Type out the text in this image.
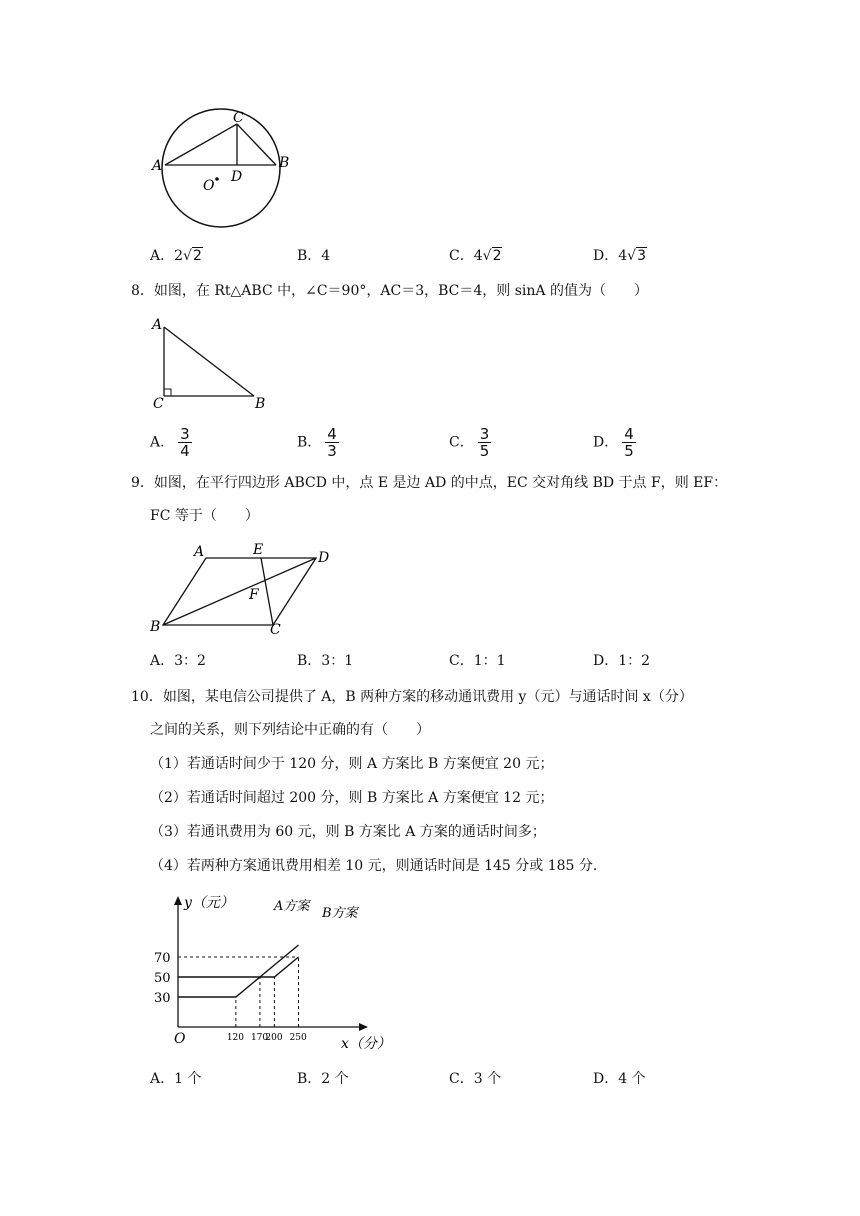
A	B
C
D
O
A．2√2	B．4	C．4√2	D．4√3
8．如图，在 Rt△ABC 中，∠C＝90°，AC＝3，BC＝4，则 sinA 的值为（　　）
A
C	B
A． $\frac{3}{4}$	B． $\frac{4}{3}$	C． $\frac{3}{5}$	D． $\frac{4}{5}$
9．如图，在平行四边形 ABCD 中，点 E 是边 AD 的中点，EC 交对角线 BD 于点 F，则 EF：
FC 等于（　　）
A	E	D
F
B	C
A．3：2	B．3：1	C．1：1	D．1：2
10．如图，某电信公司提供了 A，B 两种方案的移动通讯费用 y（元）与通话时间 x（分）
之间的关系，则下列结论中正确的有（　　）
（1）若通话时间少于 120 分，则 A 方案比 B 方案便宜 20 元；
（2）若通话时间超过 200 分，则 B 方案比 A 方案便宜 12 元；
（3）若通讯费用为 60 元，则 B 方案比 A 方案的通话时间多；
（4）若两种方案通讯费用相差 10 元，则通话时间是 145 分或 185 分．
30
50
70
120 170
200 250
A方案 B方案
y（元）
x（分）
O
A．1 个	B．2 个	C．3 个	D．4 个
